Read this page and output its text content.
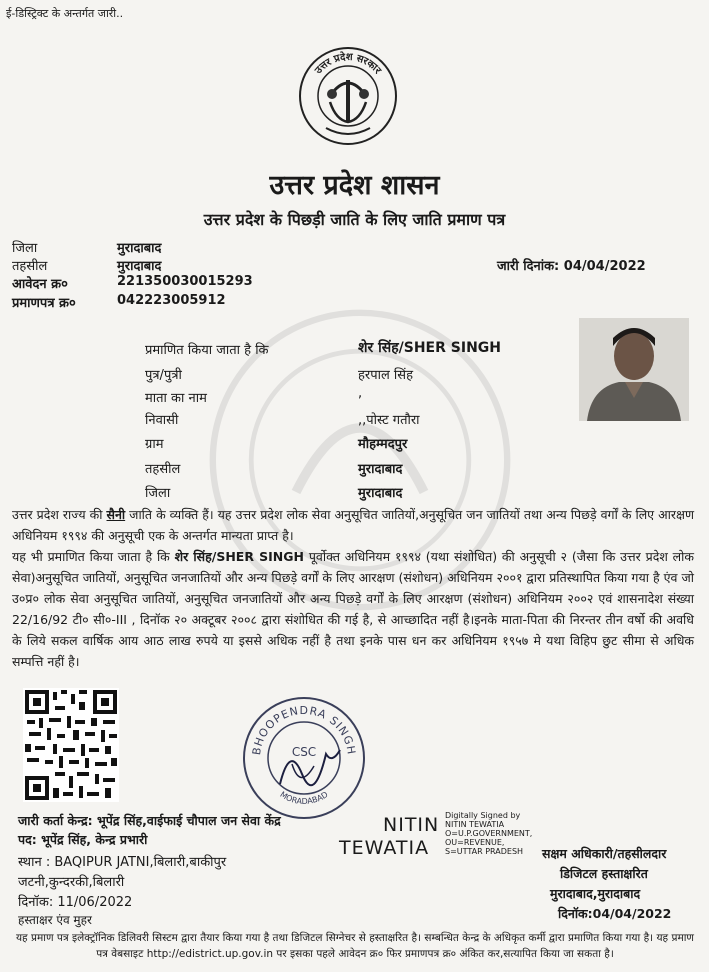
ई-डिस्ट्रिक्ट के अन्तर्गत जारी..
उत्तर प्रदेश सरकार
उत्तर प्रदेश शासन
उत्तर प्रदेश के पिछड़ी जाति के लिए जाति प्रमाण पत्र
जिला	मुरादाबाद
तहसील	मुरादाबाद
आवेदन क्र०	221350030015293
प्रमाणपत्र क्र०	042223005912
जारी दिनांक: 04/04/2022
प्रमाणित किया जाता है कि	शेर सिंह/SHER SINGH
पुत्र/पुत्री	हरपाल सिंह
माता का नाम	,
निवासी	,,पोस्ट गतौरा
ग्राम	मौहम्मदपुर
तहसील	मुरादाबाद
जिला	मुरादाबाद
उत्तर प्रदेश राज्य की सैनी जाति के व्यक्ति हैं। यह उत्तर प्रदेश लोक सेवा अनुसूचित जातियों,अनुसूचित जन जातियों तथा अन्य पिछड़े वर्गों के लिए आरक्षण अधिनियम १९९४ की अनुसूची एक के अन्तर्गत मान्यता प्राप्त है।
यह भी प्रमाणित किया जाता है कि शेर सिंह/SHER SINGH पूर्वोक्त अधिनियम १९९४ (यथा संशोधित) की अनुसूची २ (जैसा कि उत्तर प्रदेश लोक सेवा)अनुसूचित जातियों, अनुसूचित जनजातियों और अन्य पिछड़े वर्गों के लिए आरक्षण (संशोधन) अधिनियम २००१ द्वारा प्रतिस्थापित किया गया है एंव जो उ०प्र० लोक सेवा अनुसूचित जातियों, अनुसूचित जनजातियों और अन्य पिछड़े वर्गों के लिए आरक्षण (संशोधन) अधिनियम २००२ एवं शासनादेश संख्या 22/16/92 टी० सी०-III , दिनॉक २० अक्टूबर २००८ द्वारा संशोधित की गई है, से आच्छादित नहीं है।इनके माता-पिता की निरन्तर तीन वर्षो की अवधि के लिये सकल वार्षिक आय आठ लाख रुपये या इससे अधिक नहीं है तथा इनके पास धन कर अधिनियम १९५७ मे यथा विहिप छुट सीमा से अधिक सम्पत्ति नहीं है।
BHOOPENDRA SINGH
MORADABAD
CSC
जारी कर्ता केन्द्र: भूपेंद्र सिंह,वाईफाई चौपाल जन सेवा केंद्र
पद: भूपेंद्र सिंह, केन्द्र प्रभारी
स्थान : BAQIPUR JATNI,बिलारी,बाकीपुर
जटनी,कुन्दरकी,बिलारी
दिनॉक: 11/06/2022
हस्ताक्षर एंव मुहर
NITIN
TEWATIA
Digitally Signed by
NITIN TEWATIA
O=U.P.GOVERNMENT,
OU=REVENUE,
S=UTTAR PRADESH	सक्षम अधिकारी/तहसीलदार
डिजिटल हस्ताक्षरित
मुरादाबाद,मुरादाबाद
दिनॉक:04/04/2022
यह प्रमाण पत्र इलेक्ट्रॉनिक डिलिवरी सिस्टम द्वारा तैयार किया गया है तथा डिजिटल सिग्नेचर से हस्ताक्षरित है। सम्बन्धित केन्द्र के अधिकृत कर्मी द्वारा प्रमाणित किया गया है। यह प्रमाण पत्र वेबसाइट http://edistrict.up.gov.in पर इसका पहले आवेदन क्र० फिर प्रमाणपत्र क्र० अंकित कर,सत्यापित किया जा सकता है।
